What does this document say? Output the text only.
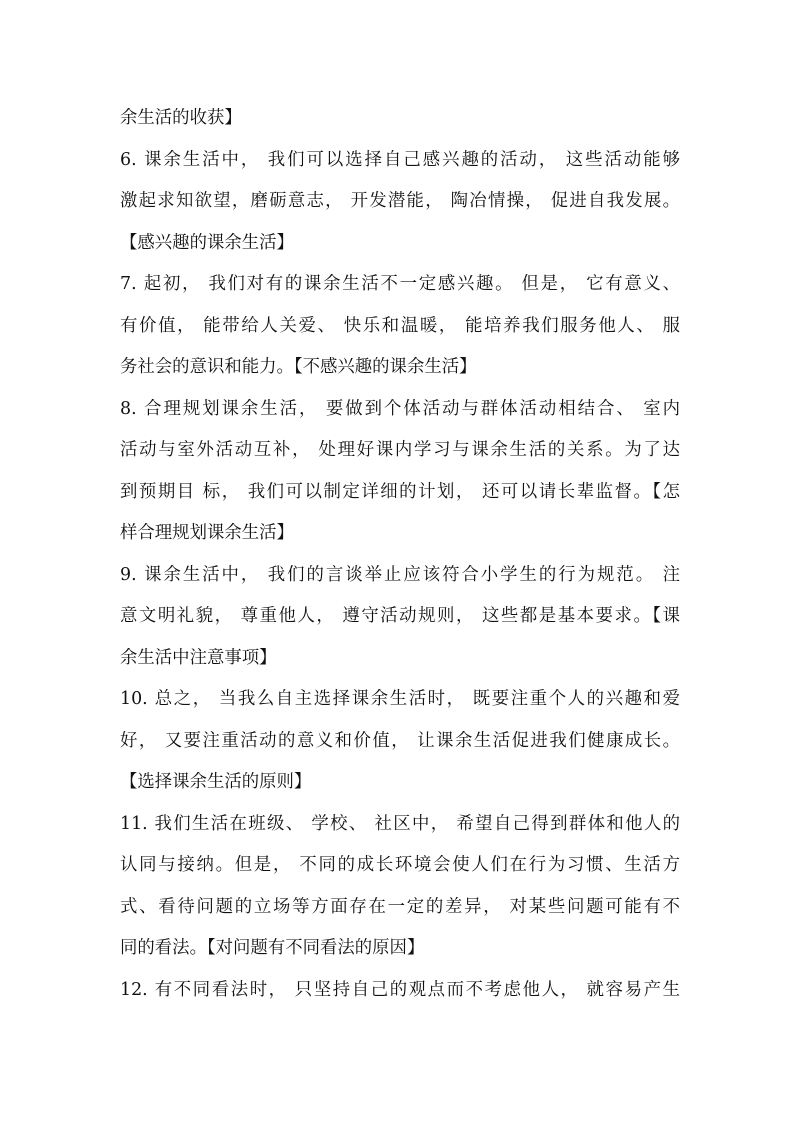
余生活的收获】
6. 课余生活中， 我们可以选择自己感兴趣的活动， 这些活动能够
激起求知欲望，磨砺意志， 开发潜能， 陶冶情操， 促进自我发展。
【感兴趣的课余生活】
7. 起初， 我们对有的课余生活不一定感兴趣。 但是， 它有意义、
有价值， 能带给人关爱、 快乐和温暖， 能培养我们服务他人、 服
务社会的意识和能力。【不感兴趣的课余生活】
8. 合理规划课余生活， 要做到个体活动与群体活动相结合、 室内
活动与室外活动互补， 处理好课内学习与课余生活的关系。为了达
到预期目 标， 我们可以制定详细的计划， 还可以请长辈监督。【怎
样合理规划课余生活】
9. 课余生活中， 我们的言谈举止应该符合小学生的行为规范。 注
意文明礼貌， 尊重他人， 遵守活动规则， 这些都是基本要求。【课
余生活中注意事项】
10. 总之， 当我么自主选择课余生活时， 既要注重个人的兴趣和爱
好， 又要注重活动的意义和价值， 让课余生活促进我们健康成长。
【选择课余生活的原则】
11. 我们生活在班级、 学校、 社区中， 希望自己得到群体和他人的
认同与接纳。但是， 不同的成长环境会使人们在行为习惯、生活方
式、看待问题的立场等方面存在一定的差异， 对某些问题可能有不
同的看法。【对问题有不同看法的原因】
12. 有不同看法时， 只坚持自己的观点而不考虑他人， 就容易产生
